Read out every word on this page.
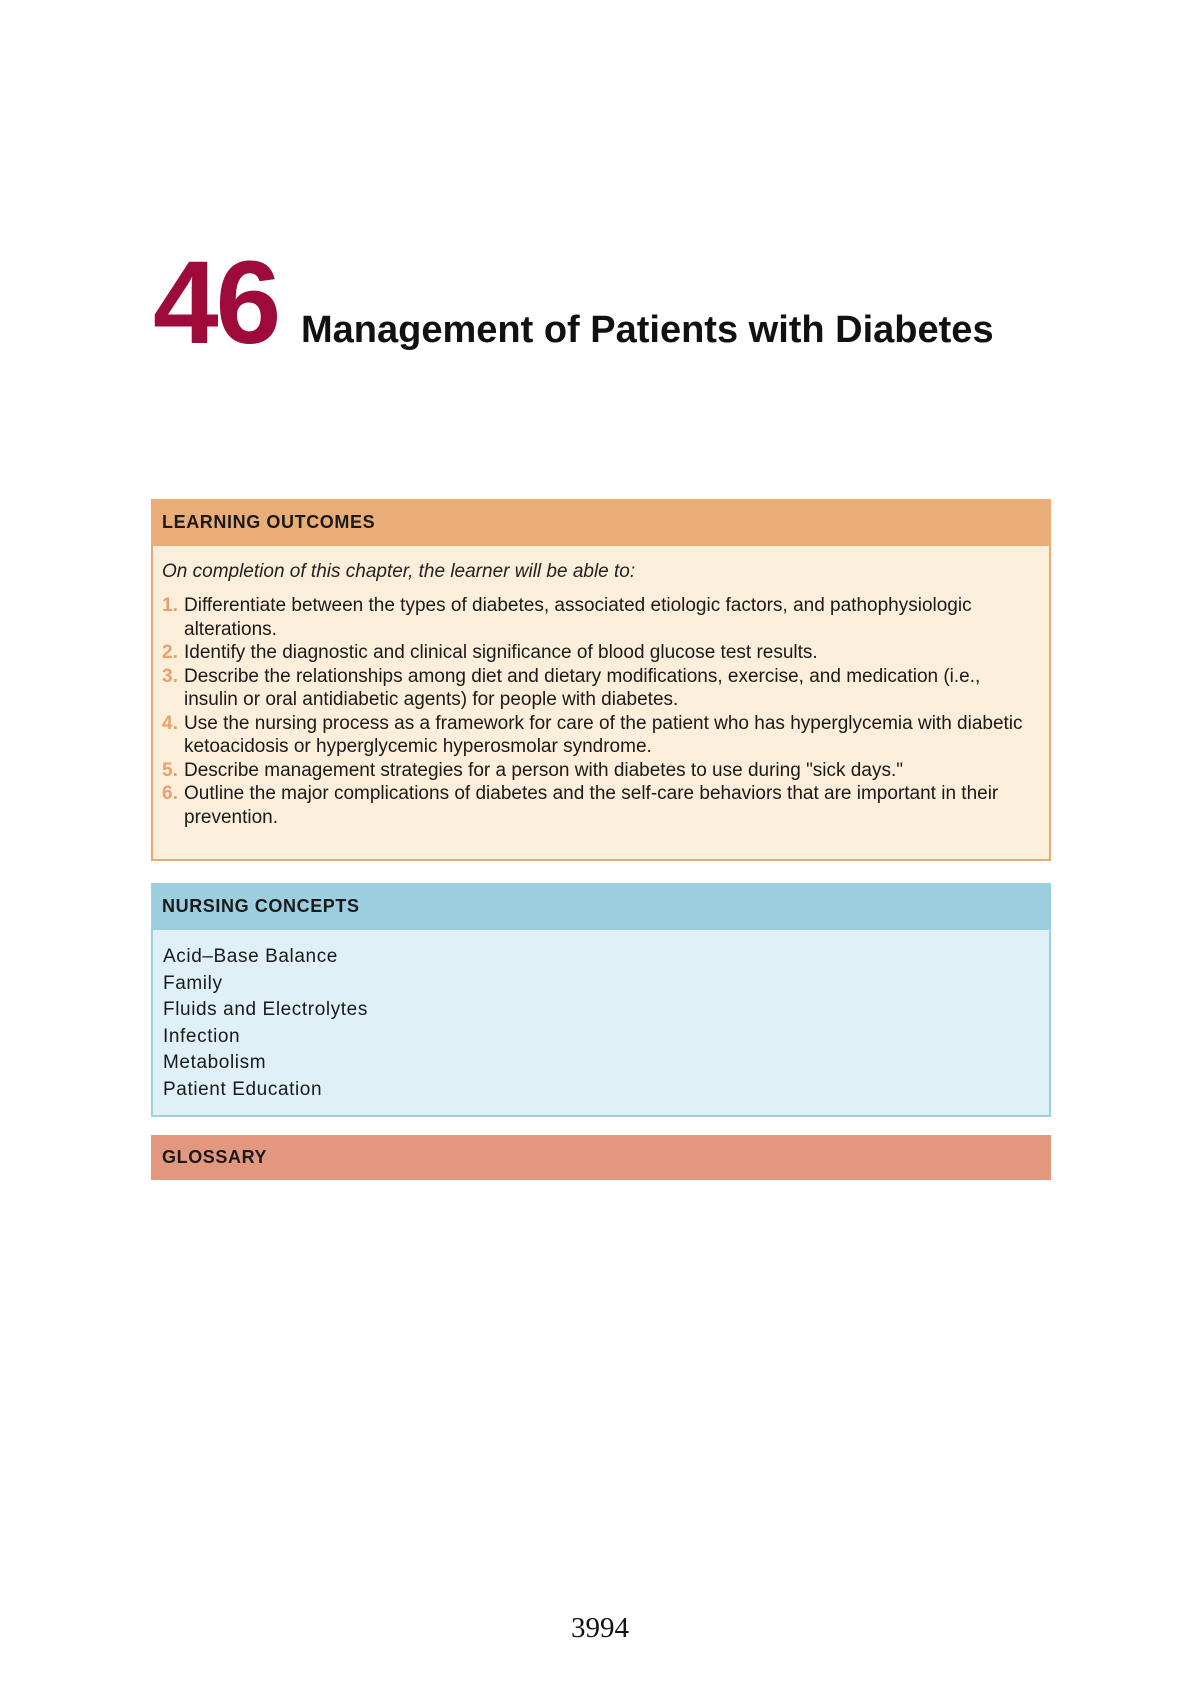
46 Management of Patients with Diabetes
LEARNING OUTCOMES

On completion of this chapter, the learner will be able to:

1. Differentiate between the types of diabetes, associated etiologic factors, and pathophysiologic alterations.
2. Identify the diagnostic and clinical significance of blood glucose test results.
3. Describe the relationships among diet and dietary modifications, exercise, and medication (i.e., insulin or oral antidiabetic agents) for people with diabetes.
4. Use the nursing process as a framework for care of the patient who has hyperglycemia with diabetic ketoacidosis or hyperglycemic hyperosmolar syndrome.
5. Describe management strategies for a person with diabetes to use during "sick days."
6. Outline the major complications of diabetes and the self-care behaviors that are important in their prevention.
NURSING CONCEPTS
Acid–Base Balance
Family
Fluids and Electrolytes
Infection
Metabolism
Patient Education
GLOSSARY
3994
